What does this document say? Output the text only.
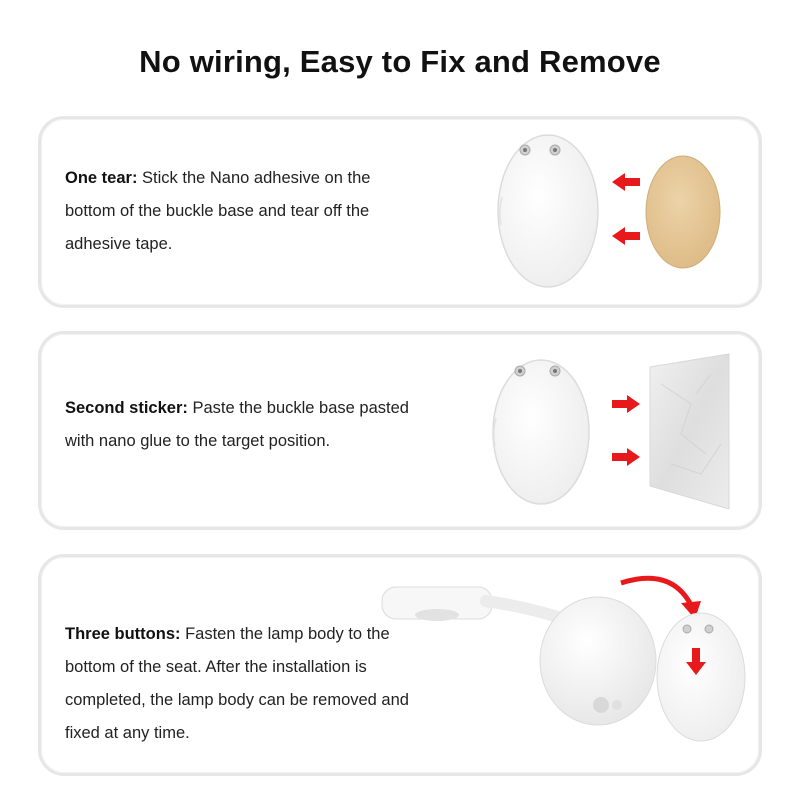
No wiring, Easy to Fix and Remove
One tear: Stick the Nano adhesive on the bottom of the buckle base and tear off the adhesive tape.
Second sticker: Paste the buckle base pasted with nano glue to the target position.
Three buttons: Fasten the lamp body to the bottom of the seat. After the installation is completed, the lamp body can be removed and fixed at any time.
